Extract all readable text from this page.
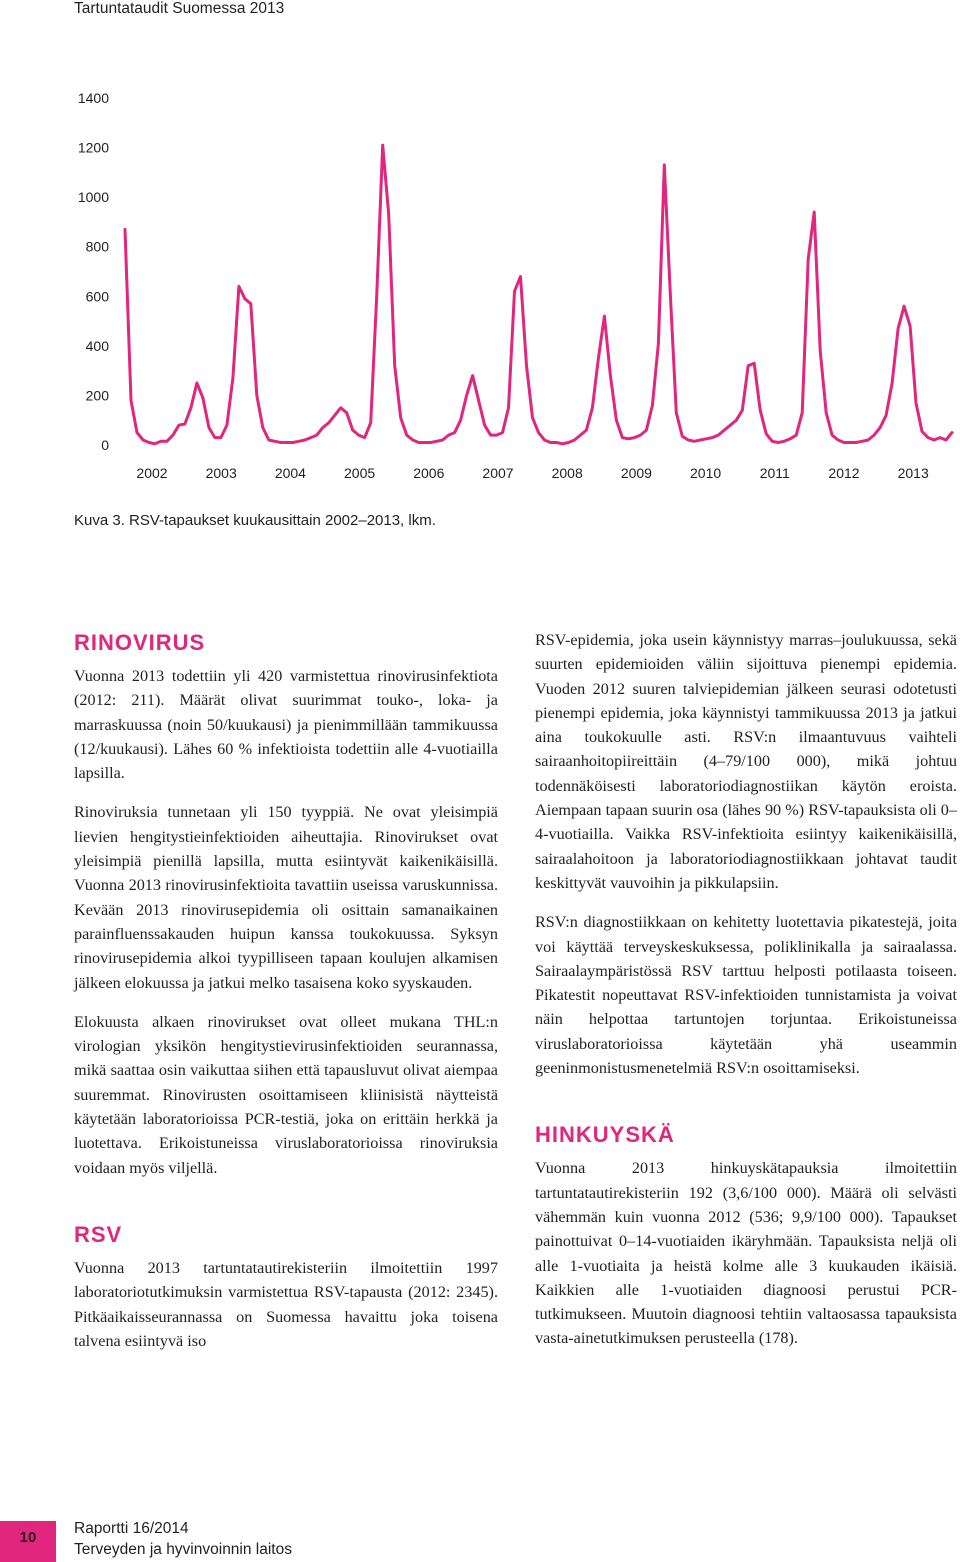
Tartuntataudit Suomessa 2013
0
200
400
600
800
1000
1200
1400
2002	2003	2004	2005	2006	2007	2008	2009	2010	2011	2012	2013
Kuva 3. RSV-tapaukset kuukausittain 2002–2013, lkm.
RINOVIRUS

Vuonna 2013 todettiin yli 420 varmistettua rinovirusinfektiota (2012: 211). Määrät olivat suurimmat touko-, loka- ja marraskuussa (noin 50/kuukausi) ja pienimmillään tammikuussa (12/kuukausi). Lähes 60 % infektioista todettiin alle 4-vuotiailla lapsilla.

Rinoviruksia tunnetaan yli 150 tyyppiä. Ne ovat yleisimpiä lievien hengitystieinfektioiden aiheuttajia. Rinovirukset ovat yleisimpiä pienillä lapsilla, mutta esiintyvät kaikenikäisillä. Vuonna 2013 rinovirusinfektioita tavattiin useissa varuskunnissa. Kevään 2013 rinovirusepidemia oli osittain samanaikainen parainfluenssakauden huipun kanssa toukokuussa. Syksyn rinovirusepidemia alkoi tyypilliseen tapaan koulujen alkamisen jälkeen elokuussa ja jatkui melko tasaisena koko syyskauden.

Elokuusta alkaen rinovirukset ovat olleet mukana THL:n virologian yksikön hengitystievirusinfektioiden seurannassa, mikä saattaa osin vaikuttaa siihen että tapausluvut olivat aiempaa suuremmat. Rinovirusten osoittamiseen kliinisistä näytteistä käytetään laboratorioissa PCR-testiä, joka on erittäin herkkä ja luotettava. Erikoistuneissa viruslaboratorioissa rinoviruksia voidaan myös viljellä.

RSV

Vuonna 2013 tartuntatautirekisteriin ilmoitettiin 1997 laboratoriotutkimuksin varmistettua RSV-tapausta (2012: 2345). Pitkäaikaisseurannassa on Suomessa havaittu joka toisena talvena esiintyvä iso

RSV-epidemia, joka usein käynnistyy marras–joulukuussa, sekä suurten epidemioiden väliin sijoittuva pienempi epidemia. Vuoden 2012 suuren talviepidemian jälkeen seurasi odotetusti pienempi epidemia, joka käynnistyi tammikuussa 2013 ja jatkui aina toukokuulle asti. RSV:n ilmaantuvuus vaihteli sairaanhoitopiireittäin (4–79/100 000), mikä johtuu todennäköisesti laboratoriodiagnostiikan käytön eroista. Aiempaan tapaan suurin osa (lähes 90 %) RSV-tapauksista oli 0–4-vuotiailla. Vaikka RSV-infektioita esiintyy kaikenikäisillä, sairaalahoitoon ja laboratoriodiagnostiikkaan johtavat taudit keskittyvät vauvoihin ja pikkulapsiin.

RSV:n diagnostiikkaan on kehitetty luotettavia pikatestejä, joita voi käyttää terveyskeskuksessa, poliklinikalla ja sairaalassa. Sairaalaympäristössä RSV tarttuu helposti potilaasta toiseen. Pikatestit nopeuttavat RSV-infektioiden tunnistamista ja voivat näin helpottaa tartuntojen torjuntaa. Erikoistuneissa viruslaboratorioissa käytetään yhä useammin geeninmonistusmenetelmiä RSV:n osoittamiseksi.

HINKUYSKÄ

Vuonna 2013 hinkuyskätapauksia ilmoitettiin tartuntatautirekisteriin 192 (3,6/100 000). Määrä oli selvästi vähemmän kuin vuonna 2012 (536; 9,9/100 000). Tapaukset painottuivat 0–14-vuotiaiden ikäryhmään. Tapauksista neljä oli alle 1-vuotiaita ja heistä kolme alle 3 kuukauden ikäisiä. Kaikkien alle 1-vuotiaiden diagnoosi perustui PCR-tutkimukseen. Muutoin diagnoosi tehtiin valtaosassa tapauksista vasta-ainetutkimuksen perusteella (178).

10
Raportti 16/2014
Terveyden ja hyvinvoinnin laitos
